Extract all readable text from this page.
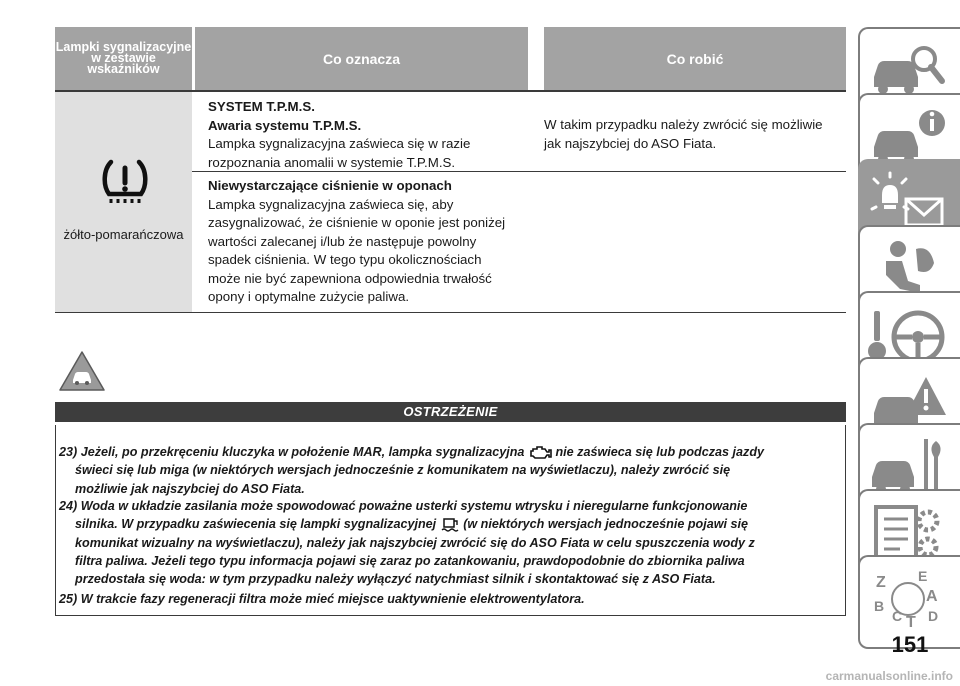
Lampki sygnalizacyjne w zestawie wskaźników
Co oznacza	Co robić
żółto-pomarańczowa
SYSTEM T.P.M.S.
Awaria systemu T.P.M.S.
Lampka sygnalizacyjna zaświeca się w razie
rozpoznania anomalii w systemie T.P.M.S.
W takim przypadku należy zwrócić się możliwie
jak najszybciej do ASO Fiata.
Niewystarczające ciśnienie w oponach
Lampka sygnalizacyjna zaświeca się, aby
zasygnalizować, że ciśnienie w oponie jest poniżej
wartości zalecanej i/lub że następuje powolny
spadek ciśnienia. W tego typu okolicznościach
może nie być zapewniona odpowiednia trwałość
opony i optymalne zużycie paliwa.
OSTRZEŻENIE
23) Jeżeli, po przekręceniu kluczyka w położenie MAR, lampka sygnalizacyjna nie zaświeca się lub podczas jazdy
świeci się lub miga (w niektórych wersjach jednocześnie z komunikatem na wyświetlaczu), należy zwrócić się
możliwie jak najszybciej do ASO Fiata.
24) Woda w układzie zasilania może spowodować poważne usterki systemu wtrysku i nieregularne funkcjonowanie
silnika. W przypadku zaświecenia się lampki sygnalizacyjnej (w niektórych wersjach jednocześnie pojawi się
komunikat wizualny na wyświetlaczu), należy jak najszybciej zwrócić się do ASO Fiata w celu spuszczenia wody z
filtra paliwa. Jeżeli tego typu informacja pojawi się zaraz po zatankowaniu, prawdopodobnie do zbiornika paliwa
przedostała się woda: w tym przypadku należy wyłączyć natychmiast silnik i skontaktować się z ASO Fiata.
25) W trakcie fazy regeneracji filtra może mieć miejsce uaktywnienie elektrowentylatora.
Z E
B
A
C T D
151
carmanualsonline.info
